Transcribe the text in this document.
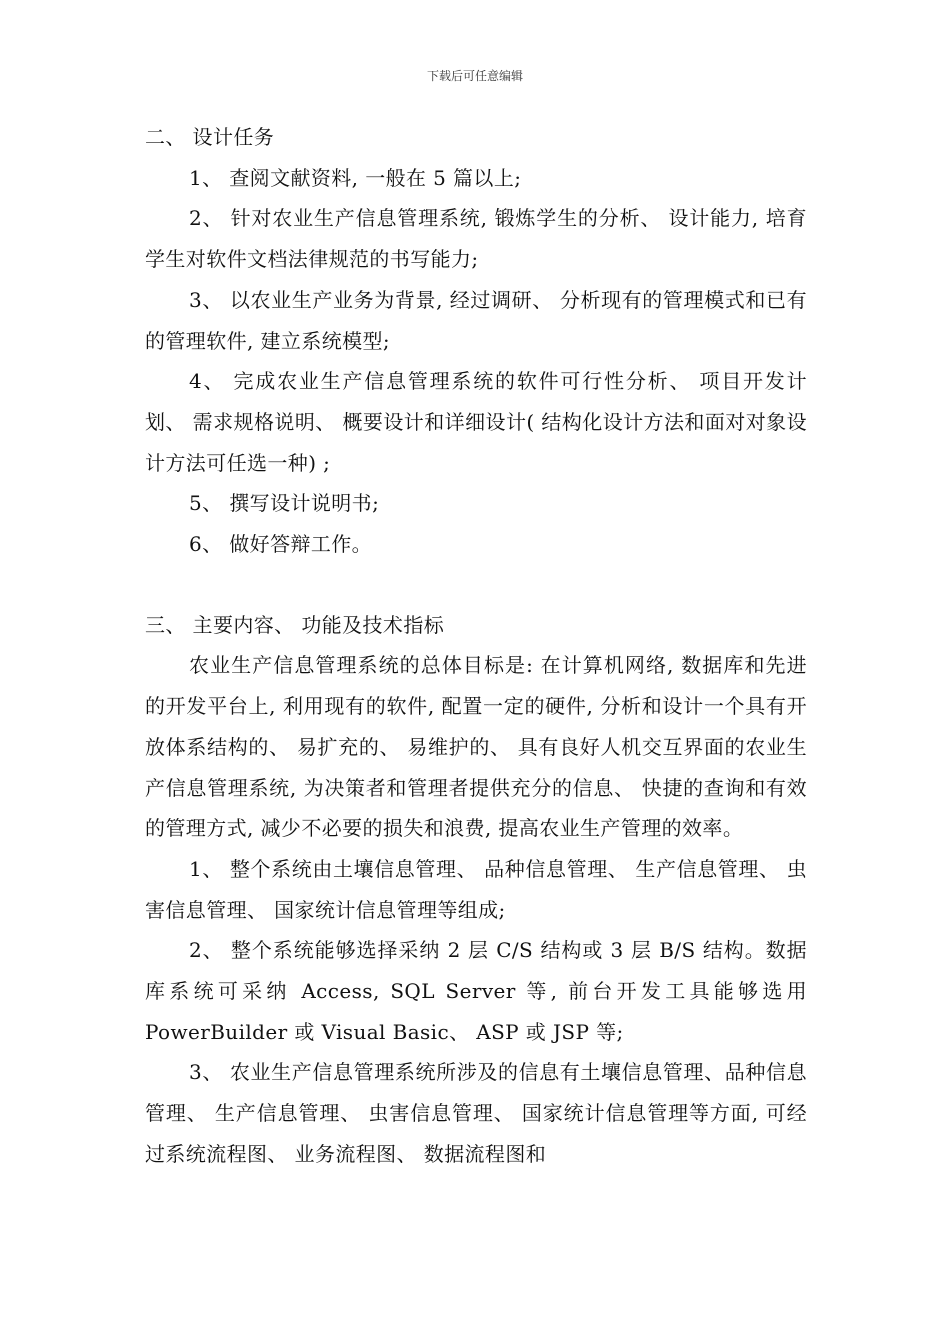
下载后可任意编辑

二、 设计任务

1、 查阅文献资料, 一般在 5 篇以上;

2、 针对农业生产信息管理系统, 锻炼学生的分析、 设计能力, 培育学生对软件文档法律规范的书写能力;

3、 以农业生产业务为背景, 经过调研、 分析现有的管理模式和已有的管理软件, 建立系统模型;

4、 完成农业生产信息管理系统的软件可行性分析、 项目开发计划、 需求规格说明、 概要设计和详细设计( 结构化设计方法和面对对象设计方法可任选一种) ;

5、 撰写设计说明书;

6、 做好答辩工作。

三、 主要内容、 功能及技术指标

农业生产信息管理系统的总体目标是: 在计算机网络, 数据库和先进的开发平台上, 利用现有的软件, 配置一定的硬件, 分析和设计一个具有开放体系结构的、 易扩充的、 易维护的、 具有良好人机交互界面的农业生产信息管理系统, 为决策者和管理者提供充分的信息、 快捷的查询和有效的管理方式, 减少不必要的损失和浪费, 提高农业生产管理的效率。

1、 整个系统由土壤信息管理、 品种信息管理、 生产信息管理、 虫害信息管理、 国家统计信息管理等组成;

2、 整个系统能够选择采纳 2 层 C/S 结构或 3 层 B/S 结构。数据库系统可采纳 Access, SQL Server 等, 前台开发工具能够选用 PowerBuilder 或 Visual Basic、 ASP 或 JSP 等;

3、 农业生产信息管理系统所涉及的信息有土壤信息管理、品种信息管理、 生产信息管理、 虫害信息管理、 国家统计信息管理等方面, 可经过系统流程图、 业务流程图、 数据流程图和
